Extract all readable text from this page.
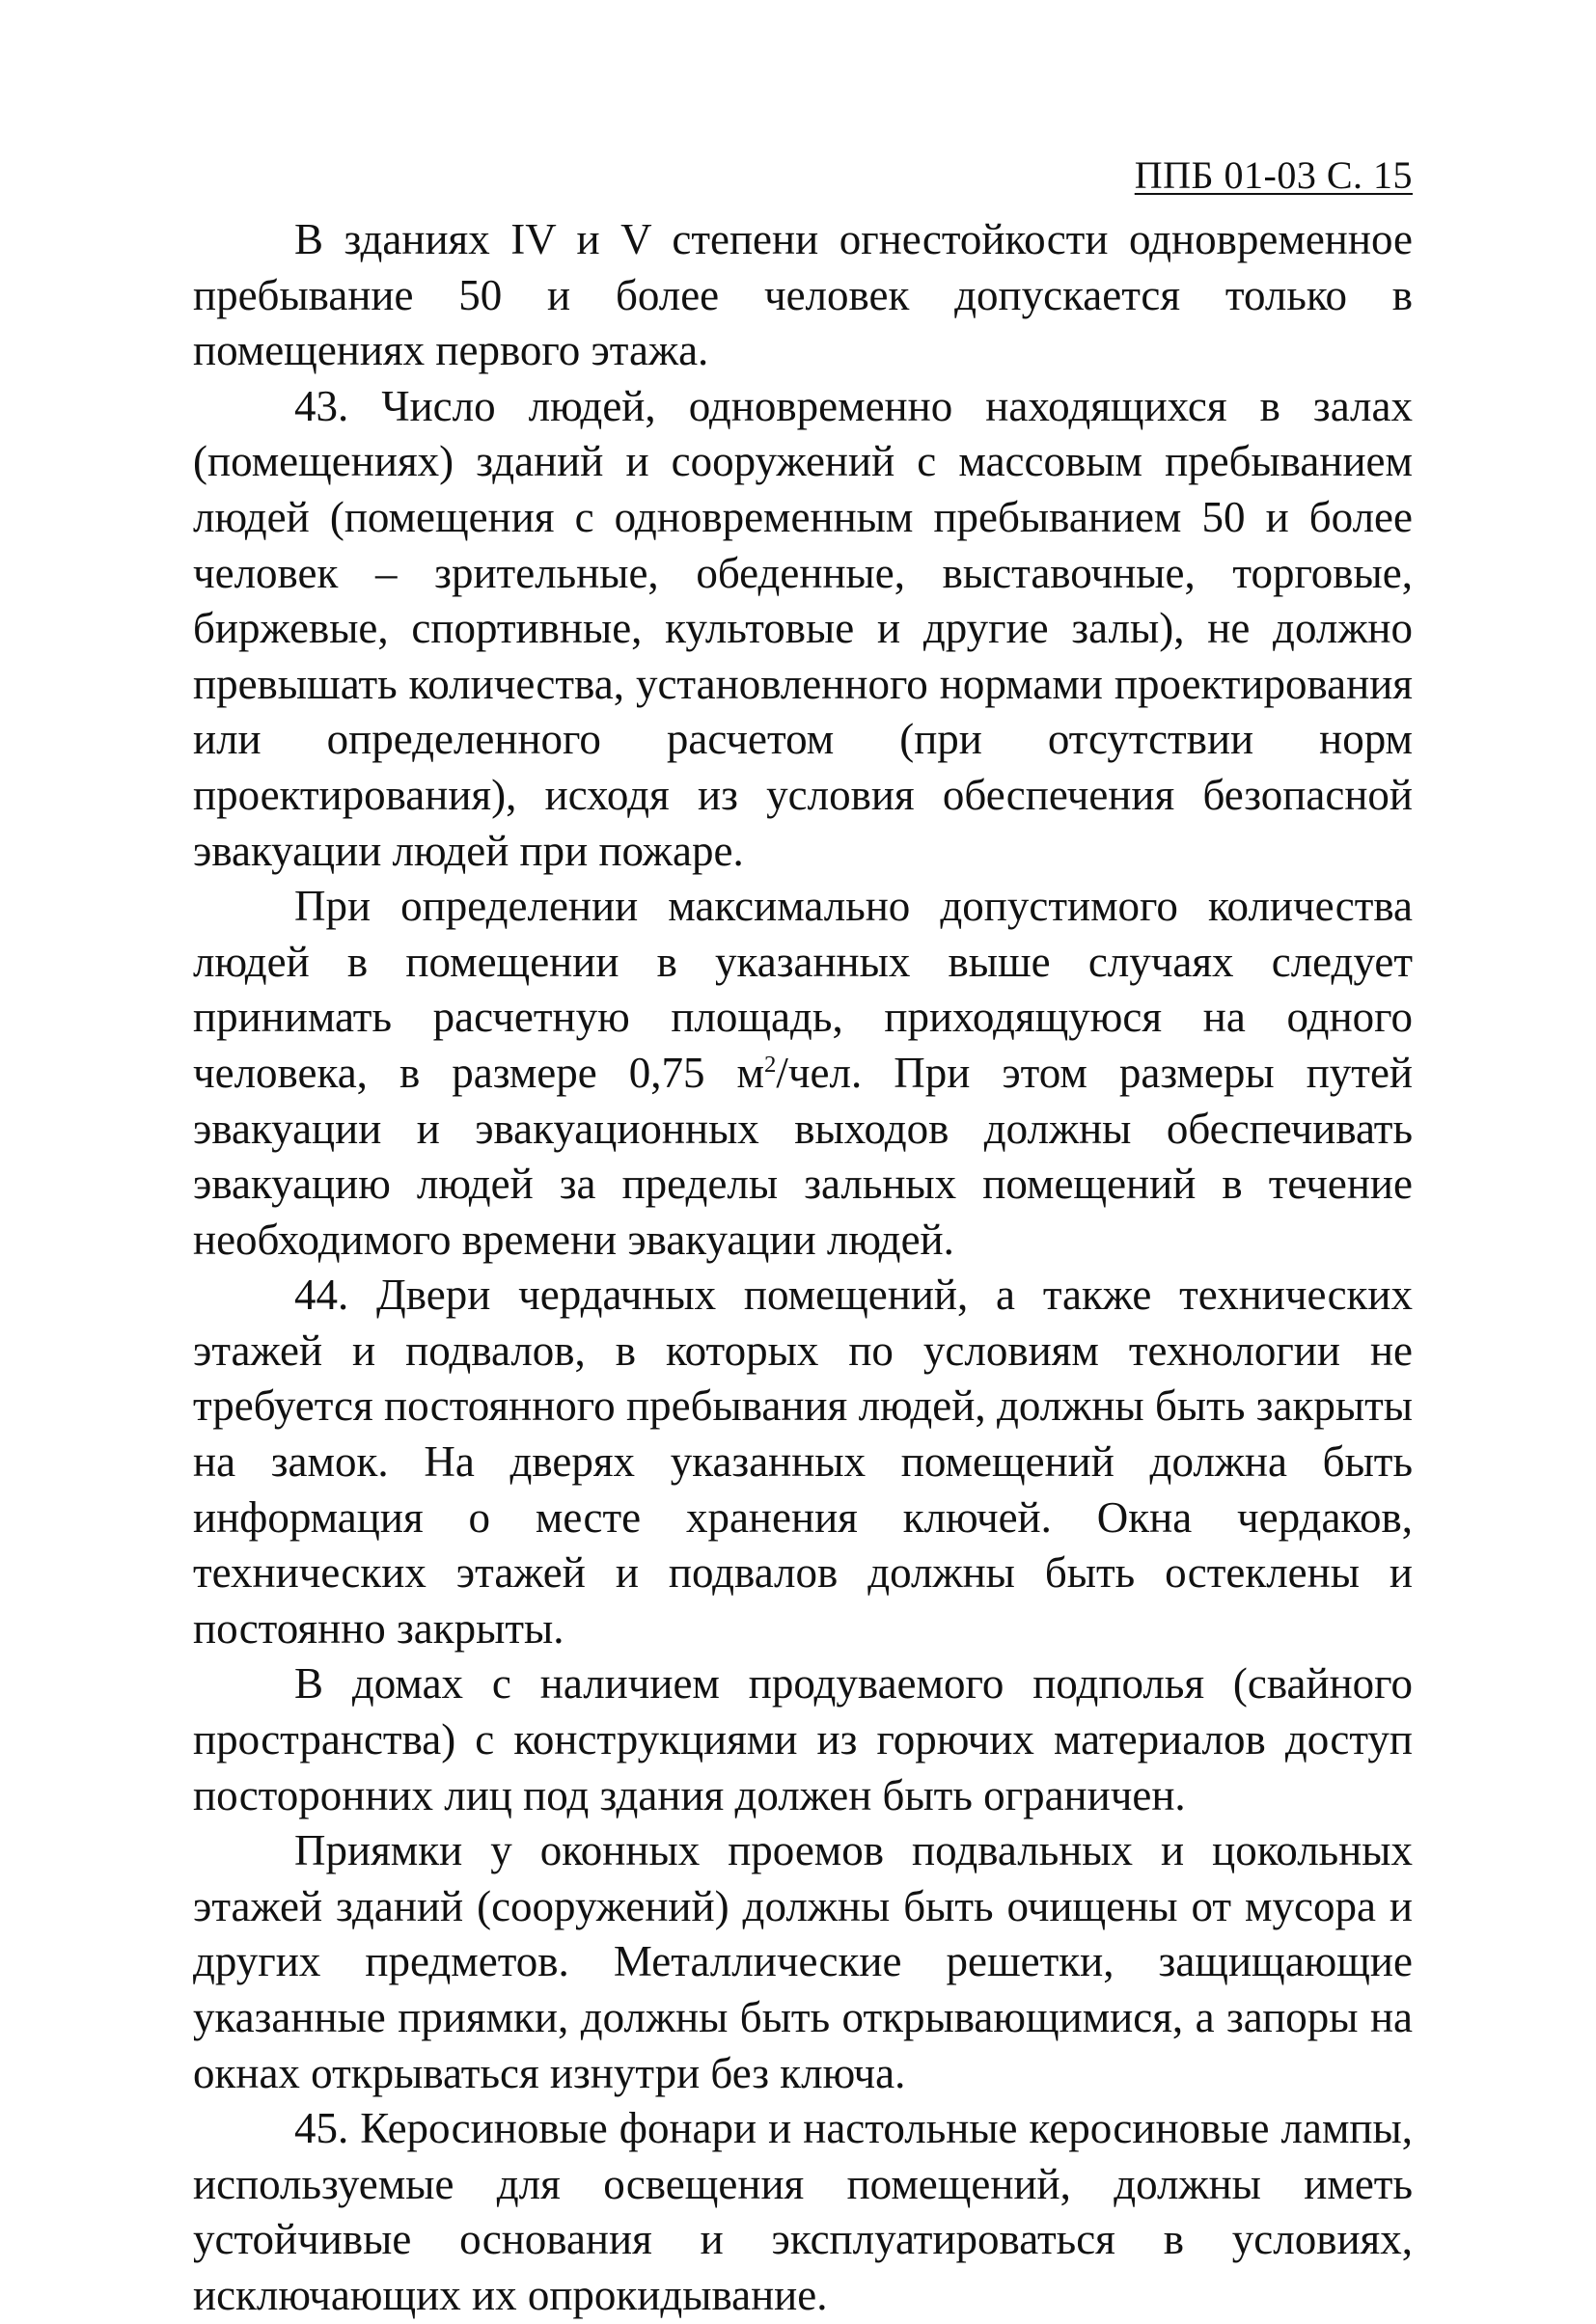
ППБ 01-03 С. 15

В зданиях IV и V степени огнестойкости одновременное пребывание 50 и более человек допускается только в помещениях первого этажа.

43. Число людей, одновременно находящихся в залах (помещениях) зданий и сооружений с массовым пребыванием людей (помещения с одновременным пребыванием 50 и более человек – зрительные, обеденные, выставочные, торговые, биржевые, спортивные, культовые и другие залы), не должно превышать количества, установленного нормами проектирования или определенного расчетом (при отсутствии норм проектирования), исходя из условия обеспечения безопасной эвакуации людей при пожаре.

При определении максимально допустимого количества людей в помещении в указанных выше случаях следует принимать расчетную площадь, приходящуюся на одного человека, в размере 0,75 $м^2$/чел. При этом размеры путей эвакуации и эвакуационных выходов должны обеспечивать эвакуацию людей за пределы зальных помещений в течение необходимого времени эвакуации людей.

44. Двери чердачных помещений, а также технических этажей и подвалов, в которых по условиям технологии не требуется постоянного пребывания людей, должны быть закрыты на замок. На дверях указанных помещений должна быть информация о месте хранения ключей. Окна чердаков, технических этажей и подвалов должны быть остеклены и постоянно закрыты.

В домах с наличием продуваемого подполья (свайного пространства) с конструкциями из горючих материалов доступ посторонних лиц под здания должен быть ограничен.

Приямки у оконных проемов подвальных и цокольных этажей зданий (сооружений) должны быть очищены от мусора и других предметов. Металлические решетки, защищающие указанные приямки, должны быть открывающимися, а запоры на окнах открываться изнутри без ключа.

45. Керосиновые фонари и настольные керосиновые лампы, используемые для освещения помещений, должны иметь устойчивые основания и эксплуатироваться в условиях, исключающих их опрокидывание.
